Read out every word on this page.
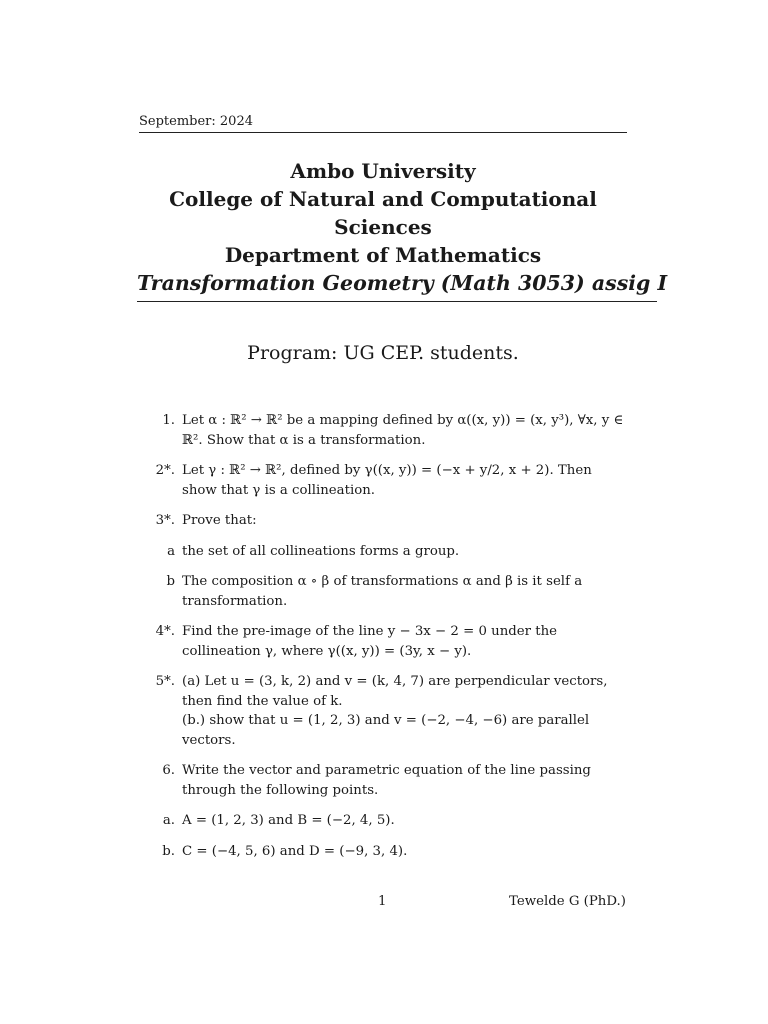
September: 2024
Ambo University
College of Natural and Computational
Sciences
Department of Mathematics
Transformation Geometry (Math 3053) assig I
Program: UG CEP. students.
1. Let α : ℝ² → ℝ² be a mapping defined by α((x, y)) = (x, y³), ∀x, y ∈ ℝ². Show that α is a transformation.
2*. Let γ : ℝ² → ℝ², defined by γ((x, y)) = (−x + y/2, x + 2). Then show that γ is a collineation.
3*. Prove that:
a the set of all collineations forms a group.
b The composition α ∘ β of transformations α and β is it self a transformation.
4*. Find the pre-image of the line y − 3x − 2 = 0 under the collineation γ, where γ((x, y)) = (3y, x − y).
5*. (a) Let u = (3, k, 2) and v = (k, 4, 7) are perpendicular vectors, then find the value of k.
(b.) show that u = (1, 2, 3) and v = (−2, −4, −6) are parallel vectors.
6. Write the vector and parametric equation of the line passing through the following points.
a. A = (1, 2, 3) and B = (−2, 4, 5).
b. C = (−4, 5, 6) and D = (−9, 3, 4).
1	Tewelde G (PhD.)
